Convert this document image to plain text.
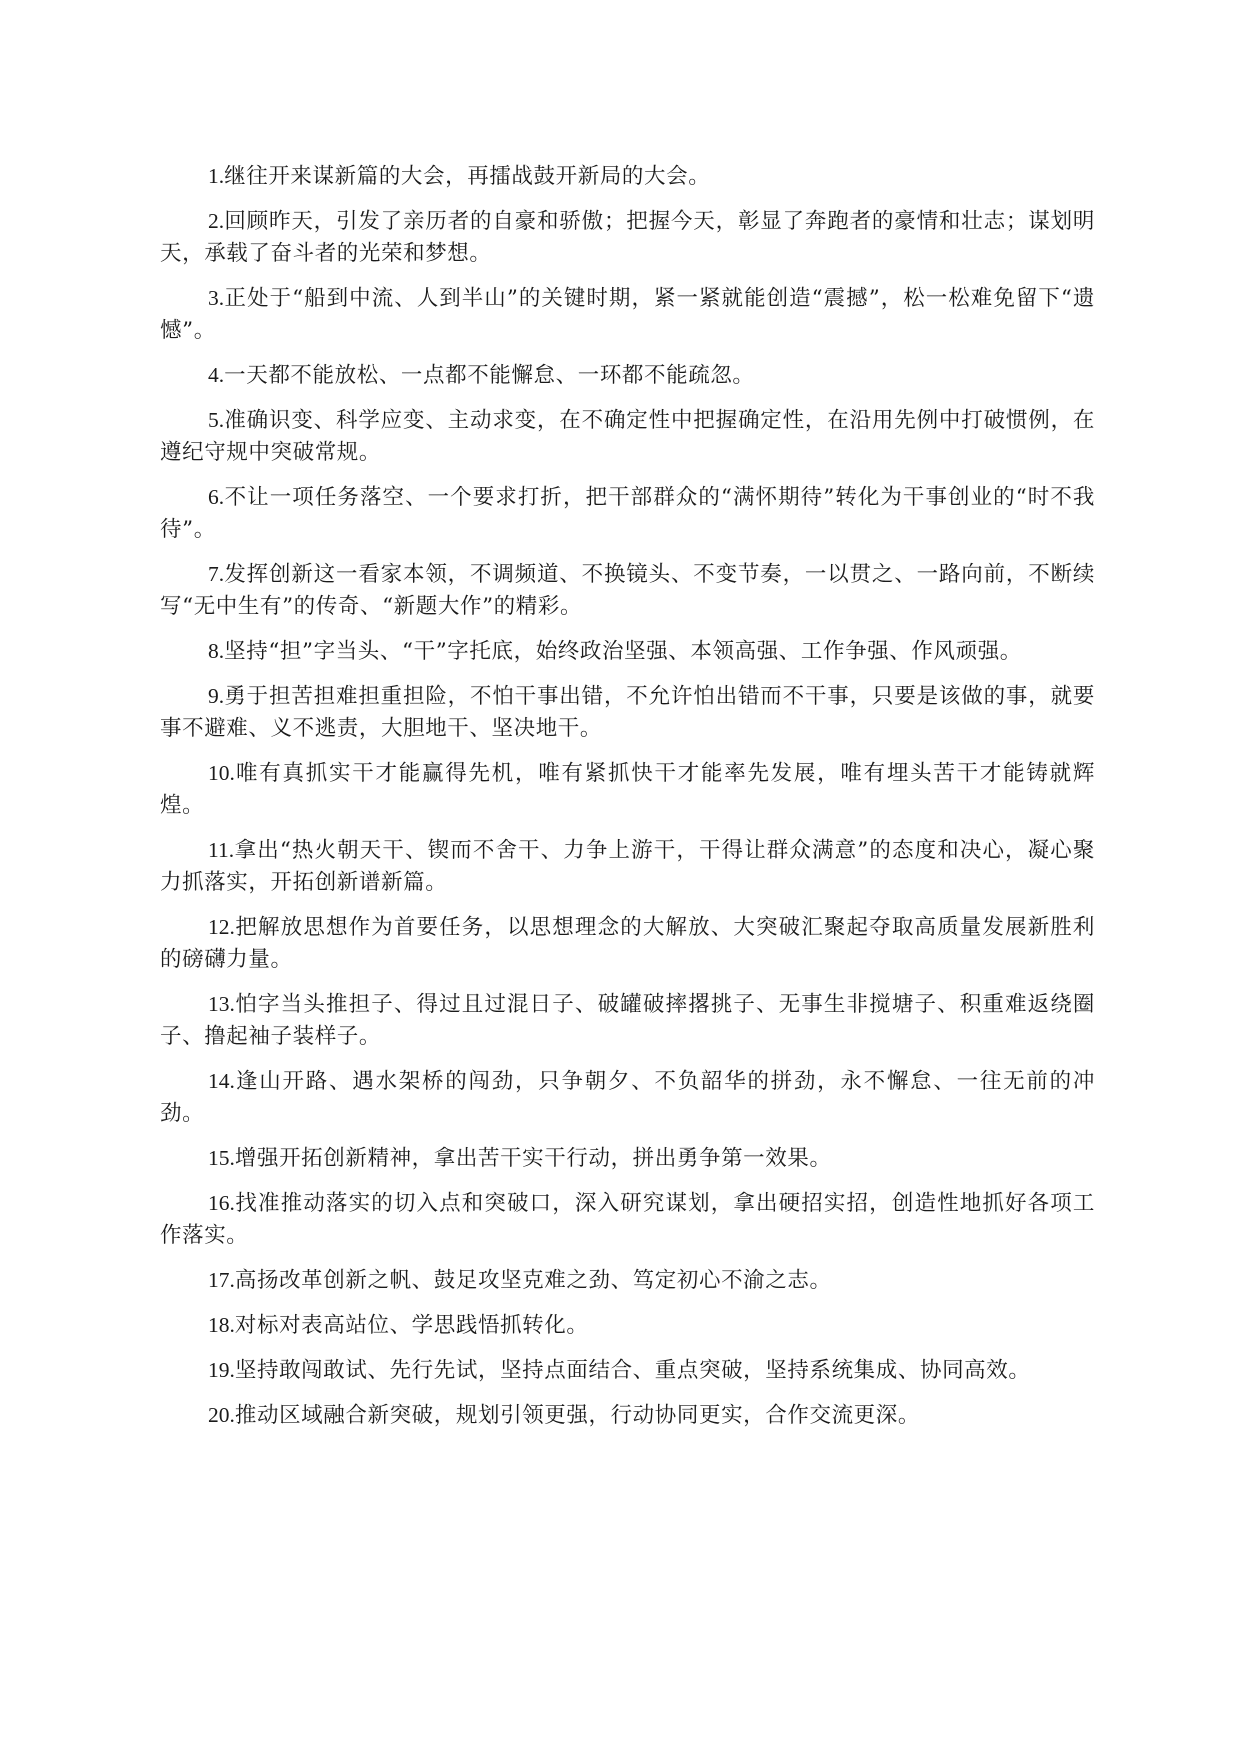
1.继往开来谋新篇的大会，再擂战鼓开新局的大会。

2.回顾昨天，引发了亲历者的自豪和骄傲；把握今天，彰显了奔跑者的豪情和壮志；谋划明天，承载了奋斗者的光荣和梦想。

3.正处于“船到中流、人到半山”的关键时期，紧一紧就能创造“震撼”，松一松难免留下“遗憾”。

4.一天都不能放松、一点都不能懈怠、一环都不能疏忽。

5.准确识变、科学应变、主动求变，在不确定性中把握确定性，在沿用先例中打破惯例，在遵纪守规中突破常规。

6.不让一项任务落空、一个要求打折，把干部群众的“满怀期待”转化为干事创业的“时不我待”。

7.发挥创新这一看家本领，不调频道、不换镜头、不变节奏，一以贯之、一路向前，不断续写“无中生有”的传奇、“新题大作”的精彩。

8.坚持“担”字当头、“干”字托底，始终政治坚强、本领高强、工作争强、作风顽强。

9.勇于担苦担难担重担险，不怕干事出错，不允许怕出错而不干事，只要是该做的事，就要事不避难、义不逃责，大胆地干、坚决地干。

10.唯有真抓实干才能赢得先机，唯有紧抓快干才能率先发展，唯有埋头苦干才能铸就辉煌。

11.拿出“热火朝天干、锲而不舍干、力争上游干，干得让群众满意”的态度和决心，凝心聚力抓落实，开拓创新谱新篇。

12.把解放思想作为首要任务，以思想理念的大解放、大突破汇聚起夺取高质量发展新胜利的磅礴力量。

13.怕字当头推担子、得过且过混日子、破罐破摔撂挑子、无事生非搅塘子、积重难返绕圈子、撸起袖子装样子。

14.逢山开路、遇水架桥的闯劲，只争朝夕、不负韶华的拼劲，永不懈怠、一往无前的冲劲。

15.增强开拓创新精神，拿出苦干实干行动，拼出勇争第一效果。

16.找准推动落实的切入点和突破口，深入研究谋划，拿出硬招实招，创造性地抓好各项工作落实。

17.高扬改革创新之帆、鼓足攻坚克难之劲、笃定初心不渝之志。

18.对标对表高站位、学思践悟抓转化。

19.坚持敢闯敢试、先行先试，坚持点面结合、重点突破，坚持系统集成、协同高效。

20.推动区域融合新突破，规划引领更强，行动协同更实，合作交流更深。
